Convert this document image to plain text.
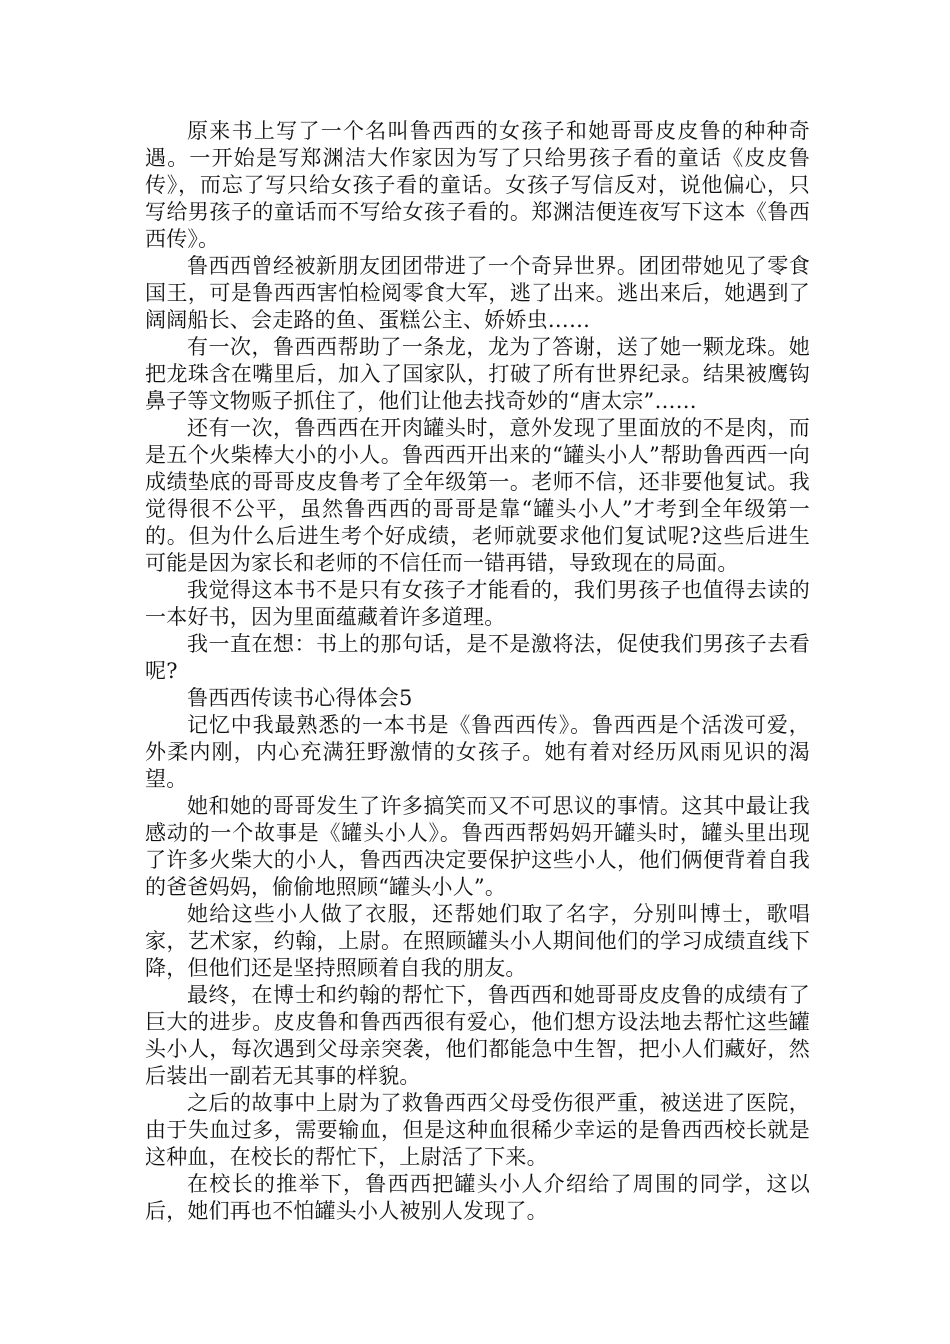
原来书上写了一个名叫鲁西西的女孩子和她哥哥皮皮鲁的种种奇遇。一开始是写郑渊洁大作家因为写了只给男孩子看的童话《皮皮鲁传》，而忘了写只给女孩子看的童话。女孩子写信反对，说他偏心，只写给男孩子的童话而不写给女孩子看的。郑渊洁便连夜写下这本《鲁西西传》。

鲁西西曾经被新朋友团团带进了一个奇异世界。团团带她见了零食国王，可是鲁西西害怕检阅零食大军，逃了出来。逃出来后，她遇到了阔阔船长、会走路的鱼、蛋糕公主、娇娇虫……

有一次，鲁西西帮助了一条龙，龙为了答谢，送了她一颗龙珠。她把龙珠含在嘴里后，加入了国家队，打破了所有世界纪录。结果被鹰钩鼻子等文物贩子抓住了，他们让他去找奇妙的“唐太宗”……

还有一次，鲁西西在开肉罐头时，意外发现了里面放的不是肉，而是五个火柴棒大小的小人。鲁西西开出来的“罐头小人”帮助鲁西西一向成绩垫底的哥哥皮皮鲁考了全年级第一。老师不信，还非要他复试。我觉得很不公平，虽然鲁西西的哥哥是靠“罐头小人”才考到全年级第一的。但为什么后进生考个好成绩，老师就要求他们复试呢?这些后进生可能是因为家长和老师的不信任而一错再错，导致现在的局面。

我觉得这本书不是只有女孩子才能看的，我们男孩子也值得去读的一本好书，因为里面蕴藏着许多道理。

我一直在想：书上的那句话，是不是激将法，促使我们男孩子去看呢?

鲁西西传读书心得体会5

记忆中我最熟悉的一本书是《鲁西西传》。鲁西西是个活泼可爱，外柔内刚，内心充满狂野激情的女孩子。她有着对经历风雨见识的渴望。

她和她的哥哥发生了许多搞笑而又不可思议的事情。这其中最让我感动的一个故事是《罐头小人》。鲁西西帮妈妈开罐头时，罐头里出现了许多火柴大的小人，鲁西西决定要保护这些小人，他们俩便背着自我的爸爸妈妈，偷偷地照顾“罐头小人”。

她给这些小人做了衣服，还帮她们取了名字，分别叫博士，歌唱家，艺术家，约翰，上尉。在照顾罐头小人期间他们的学习成绩直线下降，但他们还是坚持照顾着自我的朋友。

最终，在博士和约翰的帮忙下，鲁西西和她哥哥皮皮鲁的成绩有了巨大的进步。皮皮鲁和鲁西西很有爱心，他们想方设法地去帮忙这些罐头小人，每次遇到父母亲突袭，他们都能急中生智，把小人们藏好，然后装出一副若无其事的样貌。

之后的故事中上尉为了救鲁西西父母受伤很严重，被送进了医院，由于失血过多，需要输血，但是这种血很稀少幸运的是鲁西西校长就是这种血，在校长的帮忙下，上尉活了下来。

在校长的推举下，鲁西西把罐头小人介绍给了周围的同学，这以后，她们再也不怕罐头小人被别人发现了。
